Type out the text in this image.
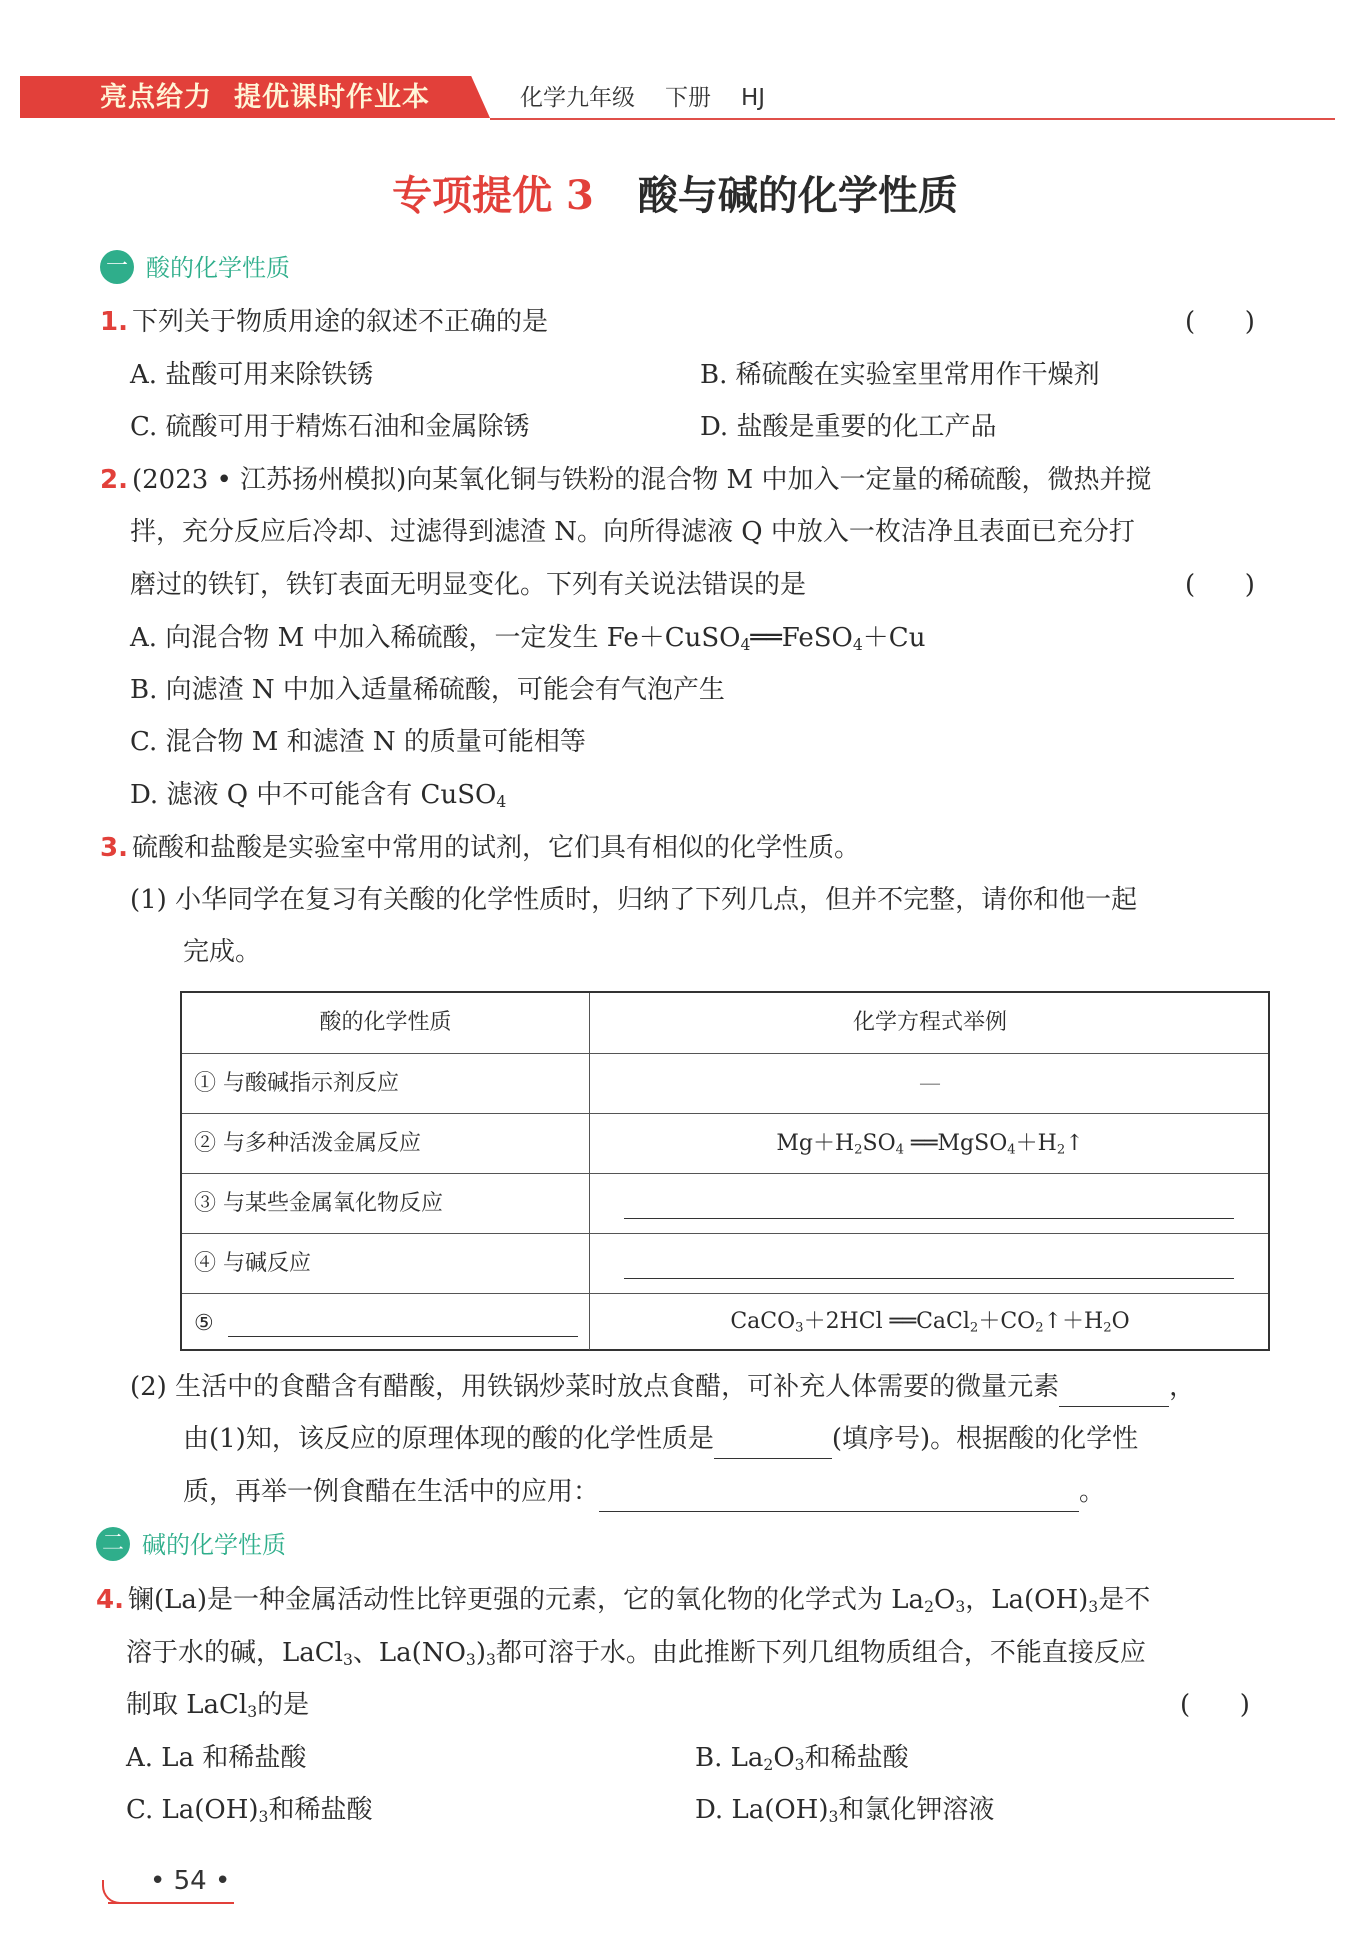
亮点给力 提优课时作业本	化学九年级 下册 HJ
专项提优 3 酸与碱的化学性质
一 酸的化学性质
1. 下列关于物质用途的叙述不正确的是	(      )
A. 盐酸可用来除铁锈	B. 稀硫酸在实验室里常用作干燥剂
C. 硫酸可用于精炼石油和金属除锈	D. 盐酸是重要的化工产品
2. (2023 • 江苏扬州模拟)向某氧化铜与铁粉的混合物 M 中加入一定量的稀硫酸，微热并搅
拌，充分反应后冷却、过滤得到滤渣 N。向所得滤液 Q 中放入一枚洁净且表面已充分打
磨过的铁钉，铁钉表面无明显变化。下列有关说法错误的是	(      )
A. 向混合物 M 中加入稀硫酸，一定发生 Fe＋CuSO$_4$══FeSO$_4$＋Cu
B. 向滤渣 N 中加入适量稀硫酸，可能会有气泡产生
C. 混合物 M 和滤渣 N 的质量可能相等
D. 滤液 Q 中不可能含有 CuSO$_4$
3. 硫酸和盐酸是实验室中常用的试剂，它们具有相似的化学性质。
(1) 小华同学在复习有关酸的化学性质时，归纳了下列几点，但并不完整，请你和他一起
完成。
酸的化学性质	化学方程式举例
① 与酸碱指示剂反应	—
② 与多种活泼金属反应	$Mg+H_2SO_4$ $══MgSO_4+H_2↑$
③ 与某些金属氧化物反应
④ 与碱反应
⑤	CaCO$_3$＋2HCl $══CaCl_2+CO_2↑+H_2O$
(2) 生活中的食醋含有醋酸，用铁锅炒菜时放点食醋，可补充人体需要的微量元素	，
由(1)知，该反应的原理体现的酸的化学性质是	(填序号)。根据酸的化学性
质，再举一例食醋在生活中的应用：	。
二 碱的化学性质
4. 镧(La)是一种金属活动性比锌更强的元素，它的氧化物的化学式为 $La_2O_3$，$La(OH)_3$是不
溶于水的碱，LaCl$_3$、$La(NO_3)_3$都可溶于水。由此推断下列几组物质组合，不能直接反应
制取 LaCl$_3$的是	(      )
A. La 和稀盐酸	B. $La_2O_3$和稀盐酸
C. $La(OH)_3$和稀盐酸	D. $La(OH)_3$和氯化钾溶液
• 54 •
